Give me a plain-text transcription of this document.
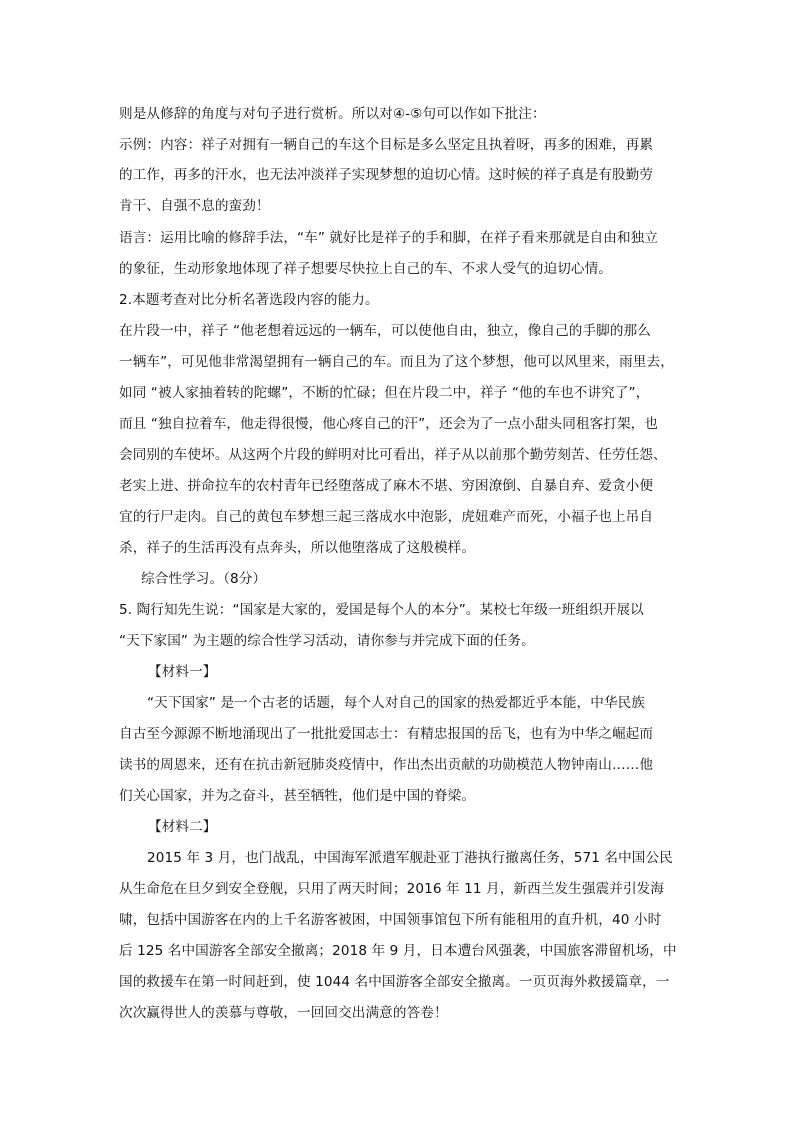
则是从修辞的角度与对句子进行赏析。所以对④-⑤句可以作如下批注：
示例：内容：祥子对拥有一辆自己的车这个目标是多么坚定且执着呀，再多的困难，再累
的工作，再多的汗水，也无法冲淡祥子实现梦想的迫切心情。这时候的祥子真是有股勤劳
肯干、自强不息的蛮劲！
语言：运用比喻的修辞手法，“车” 就好比是祥子的手和脚，在祥子看来那就是自由和独立
的象征，生动形象地体现了祥子想要尽快拉上自己的车、不求人受气的迫切心情。
2.本题考查对比分析名著选段内容的能力。
在片段一中，祥子 “他老想着远远的一辆车，可以使他自由，独立，像自己的手脚的那么
一辆车”，可见他非常渴望拥有一辆自己的车。而且为了这个梦想，他可以风里来，雨里去，
如同 “被人家抽着转的陀螺”，不断的忙碌；但在片段二中，祥子 “他的车也不讲究了”，
而且 “独自拉着车，他走得很慢，他心疼自己的汗”，还会为了一点小甜头同租客打架，也
会同别的车使坏。从这两个片段的鲜明对比可看出，祥子从以前那个勤劳刻苦、任劳任怨、
老实上进、拼命拉车的农村青年已经堕落成了麻木不堪、穷困潦倒、自暴自弃、爱贪小便
宜的行尸走肉。自己的黄包车梦想三起三落成水中泡影，虎妞难产而死，小福子也上吊自
杀，祥子的生活再没有点奔头，所以他堕落成了这般模样。
综合性学习。（8分）
5. 陶行知先生说：“国家是大家的，爱国是每个人的本分”。某校七年级一班组织开展以
“天下家国” 为主题的综合性学习活动，请你参与并完成下面的任务。
【材料一】
“天下国家” 是一个古老的话题，每个人对自己的国家的热爱都近乎本能，中华民族
自古至今源源不断地涌现出了一批批爱国志士：有精忠报国的岳飞，也有为中华之崛起而
读书的周恩来，还有在抗击新冠肺炎疫情中，作出杰出贡献的功勋模范人物钟南山……他
们关心国家，并为之奋斗，甚至牺牲，他们是中国的脊梁。
【材料二】
2015 年 3 月，也门战乱，中国海军派遣军舰赴亚丁港执行撤离任务，571 名中国公民
从生命危在旦夕到安全登舰，只用了两天时间；2016 年 11 月，新西兰发生强震并引发海
啸，包括中国游客在内的上千名游客被困，中国领事馆包下所有能租用的直升机，40 小时
后 125 名中国游客全部安全撤离；2018 年 9 月，日本遭台风强袭，中国旅客滞留机场，中
国的救援车在第一时间赶到，使 1044 名中国游客全部安全撤离。一页页海外救援篇章，一
次次赢得世人的羡慕与尊敬，一回回交出满意的答卷！
